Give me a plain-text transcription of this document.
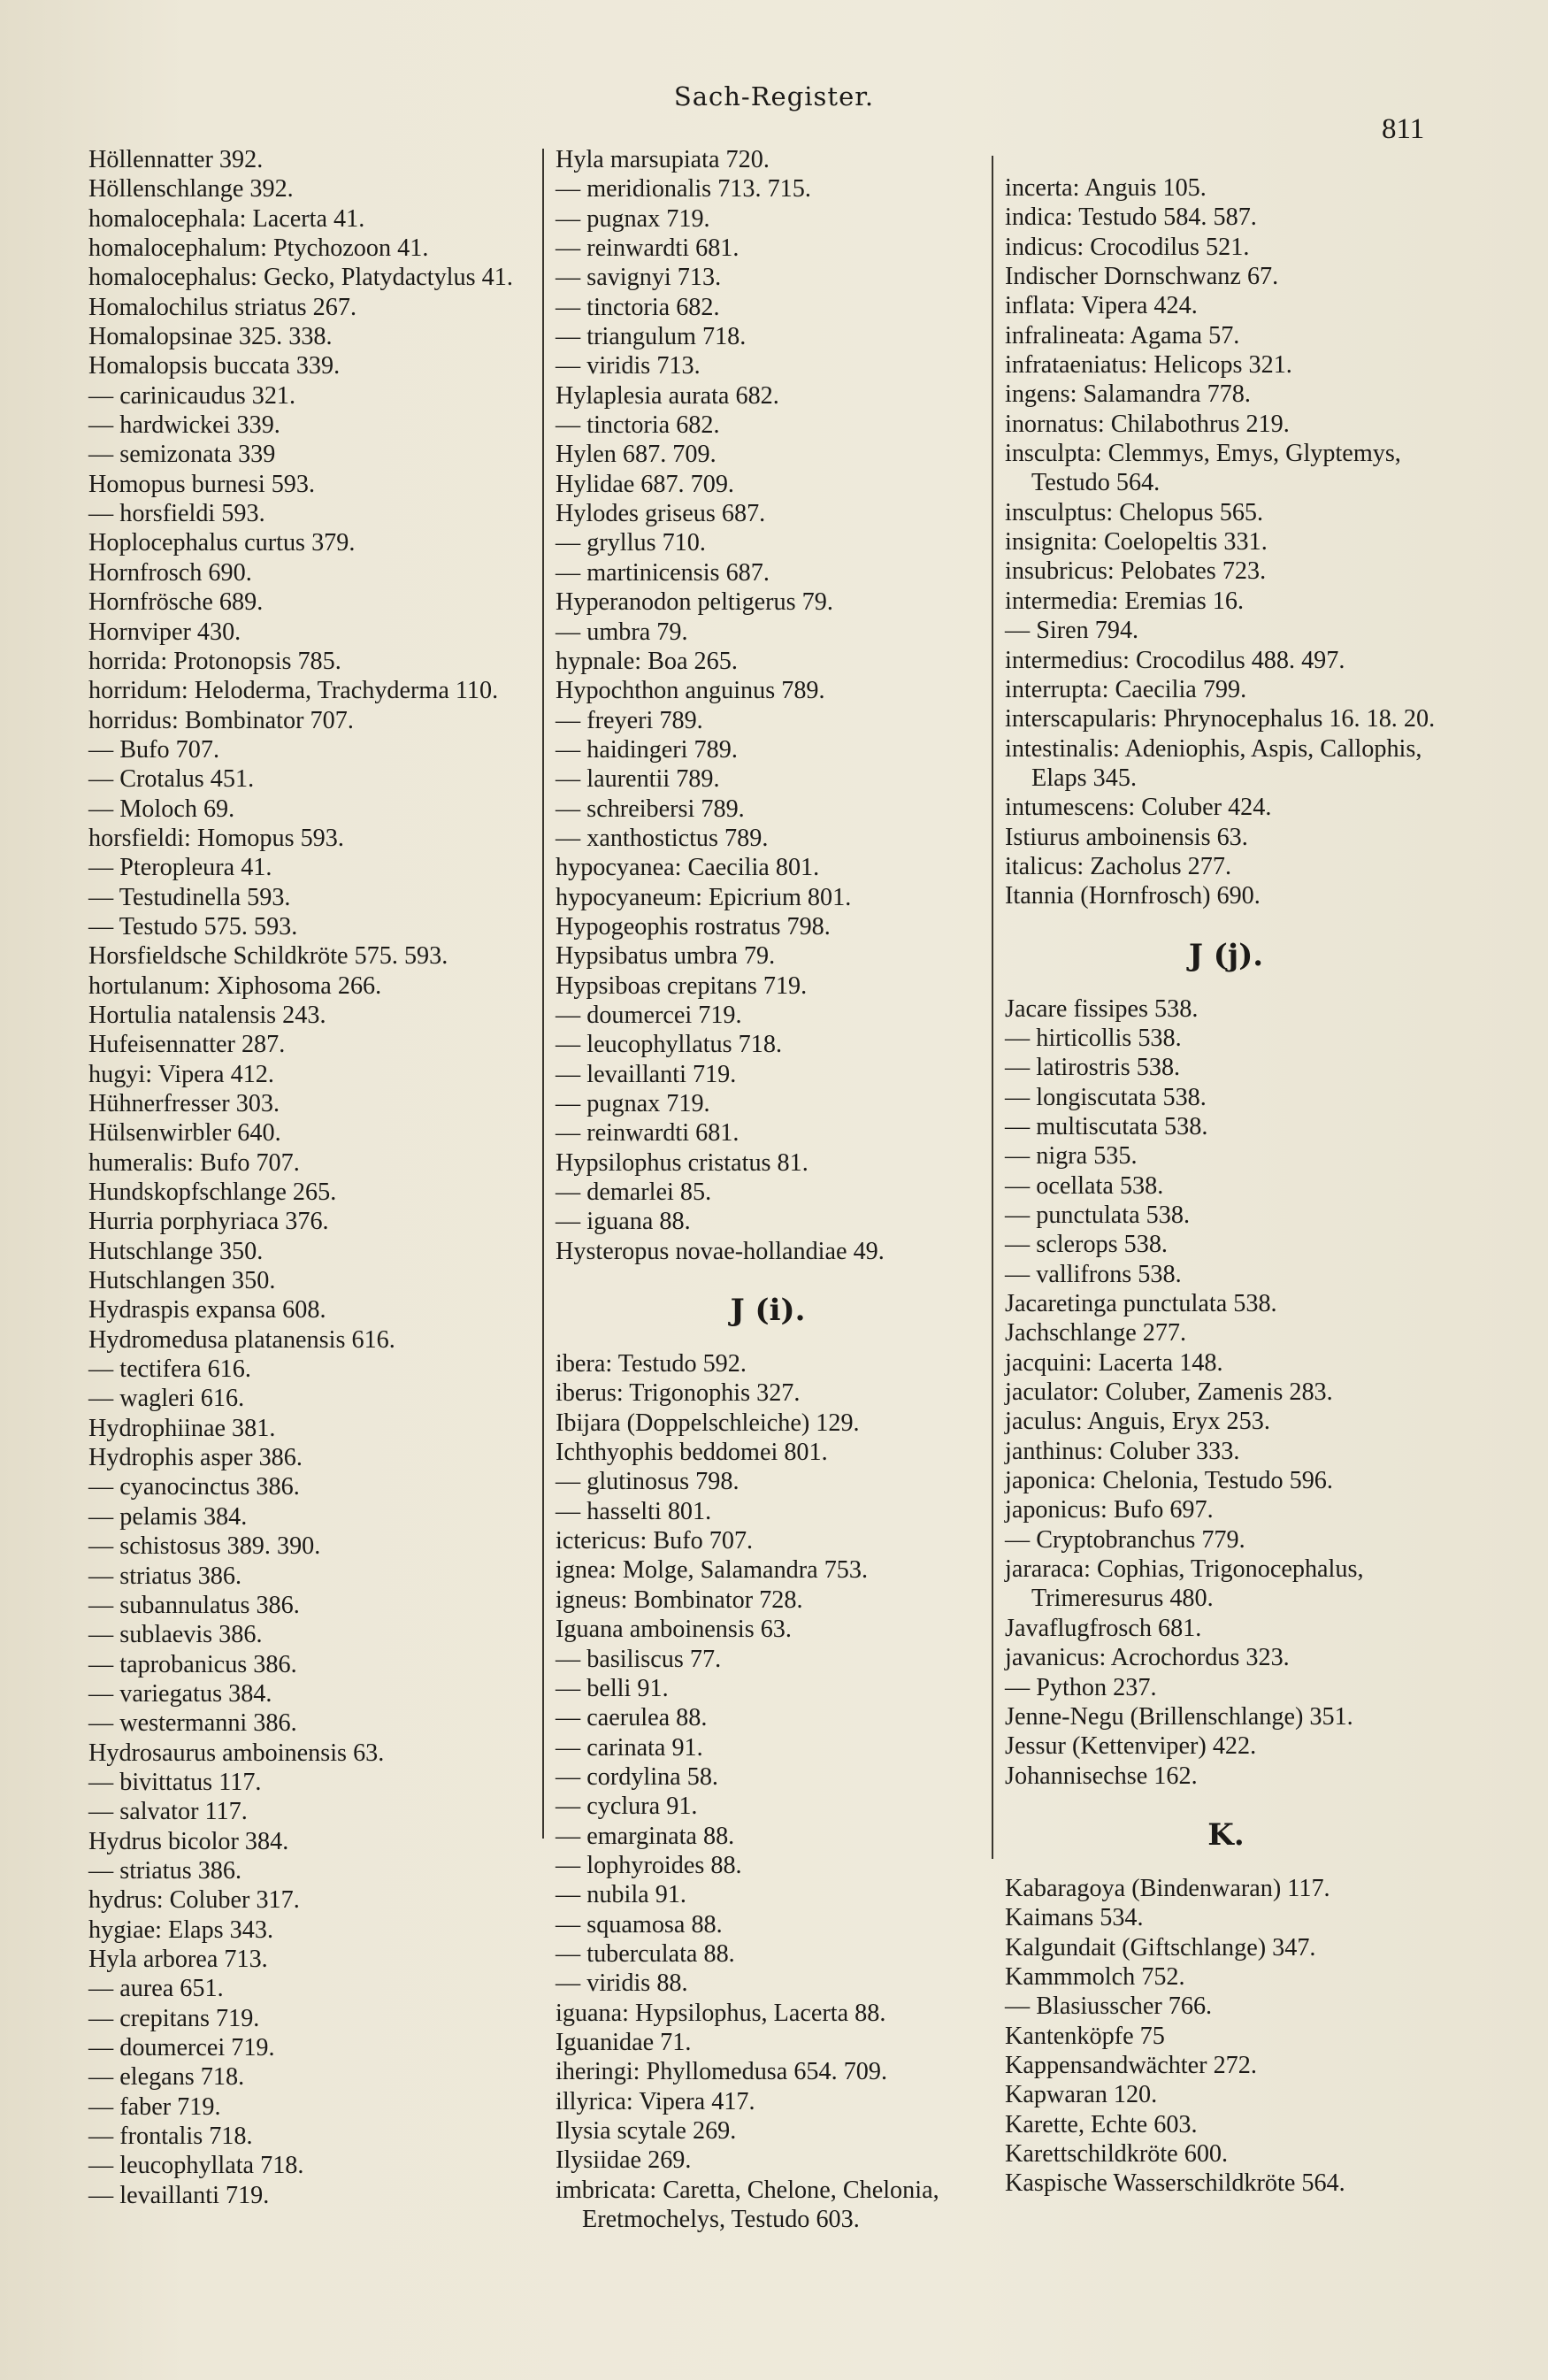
Sach-Register.
811

Höllennatter 392.

Höllenschlange 392.

homalocephala: Lacerta 41.

homalocephalum: Ptychozoon 41.

homalocephalus: Gecko, Platydactylus 41.

Homalochilus striatus 267.

Homalopsinae 325. 338.

Homalopsis buccata 339.

— carinicaudus 321.

— hardwickei 339.

— semizonata 339

Homopus burnesi 593.

— horsfieldi 593.

Hoplocephalus curtus 379.

Hornfrosch 690.

Hornfrösche 689.

Hornviper 430.

horrida: Protonopsis 785.

horridum: Heloderma, Trachyderma 110.

horridus: Bombinator 707.

— Bufo 707.

— Crotalus 451.

— Moloch 69.

horsfieldi: Homopus 593.

— Pteropleura 41.

— Testudinella 593.

— Testudo 575. 593.

Horsfieldsche Schildkröte 575. 593.

hortulanum: Xiphosoma 266.

Hortulia natalensis 243.

Hufeisennatter 287.

hugyi: Vipera 412.

Hühnerfresser 303.

Hülsenwirbler 640.

humeralis: Bufo 707.

Hundskopfschlange 265.

Hurria porphyriaca 376.

Hutschlange 350.

Hutschlangen 350.

Hydraspis expansa 608.

Hydromedusa platanensis 616.

— tectifera 616.

— wagleri 616.

Hydrophiinae 381.

Hydrophis asper 386.

— cyanocinctus 386.

— pelamis 384.

— schistosus 389. 390.

— striatus 386.

— subannulatus 386.

— sublaevis 386.

— taprobanicus 386.

— variegatus 384.

— westermanni 386.

Hydrosaurus amboinensis 63.

— bivittatus 117.

— salvator 117.

Hydrus bicolor 384.

— striatus 386.

hydrus: Coluber 317.

hygiae: Elaps 343.

Hyla arborea 713.

— aurea 651.

— crepitans 719.

— doumercei 719.

— elegans 718.

— faber 719.

— frontalis 718.

— leucophyllata 718.

— levaillanti 719.

Hyla marsupiata 720.

— meridionalis 713. 715.

— pugnax 719.

— reinwardti 681.

— savignyi 713.

— tinctoria 682.

— triangulum 718.

— viridis 713.

Hylaplesia aurata 682.

— tinctoria 682.

Hylen 687. 709.

Hylidae 687. 709.

Hylodes griseus 687.

— gryllus 710.

— martinicensis 687.

Hyperanodon peltigerus 79.

— umbra 79.

hypnale: Boa 265.

Hypochthon anguinus 789.

— freyeri 789.

— haidingeri 789.

— laurentii 789.

— schreibersi 789.

— xanthostictus 789.

hypocyanea: Caecilia 801.

hypocyaneum: Epicrium 801.

Hypogeophis rostratus 798.

Hypsibatus umbra 79.

Hypsiboas crepitans 719.

— doumercei 719.

— leucophyllatus 718.

— levaillanti 719.

— pugnax 719.

— reinwardti 681.

Hypsilophus cristatus 81.

— demarlei 85.

— iguana 88.

Hysteropus novae-hollandiae 49.

J (i).

ibera: Testudo 592.

iberus: Trigonophis 327.

Ibijara (Doppelschleiche) 129.

Ichthyophis beddomei 801.

— glutinosus 798.

— hasselti 801.

ictericus: Bufo 707.

ignea: Molge, Salamandra 753.

igneus: Bombinator 728.

Iguana amboinensis 63.

— basiliscus 77.

— belli 91.

— caerulea 88.

— carinata 91.

— cordylina 58.

— cyclura 91.

— emarginata 88.

— lophyroides 88.

— nubila 91.

— squamosa 88.

— tuberculata 88.

— viridis 88.

iguana: Hypsilophus, Lacerta 88.

Iguanidae 71.

iheringi: Phyllomedusa 654. 709.

illyrica: Vipera 417.

Ilysia scytale 269.

Ilysiidae 269.

imbricata: Caretta, Chelone, Chelonia, Eretmochelys, Testudo 603.

incerta: Anguis 105.

indica: Testudo 584. 587.

indicus: Crocodilus 521.

Indischer Dornschwanz 67.

inflata: Vipera 424.

infralineata: Agama 57.

infrataeniatus: Helicops 321.

ingens: Salamandra 778.

inornatus: Chilabothrus 219.

insculpta: Clemmys, Emys, Glyptemys, Testudo 564.

insculptus: Chelopus 565.

insignita: Coelopeltis 331.

insubricus: Pelobates 723.

intermedia: Eremias 16.

— Siren 794.

intermedius: Crocodilus 488. 497.

interrupta: Caecilia 799.

interscapularis: Phrynocephalus 16. 18. 20.

intestinalis: Adeniophis, Aspis, Callophis, Elaps 345.

intumescens: Coluber 424.

Istiurus amboinensis 63.

italicus: Zacholus 277.

Itannia (Hornfrosch) 690.

J (j).

Jacare fissipes 538.

— hirticollis 538.

— latirostris 538.

— longiscutata 538.

— multiscutata 538.

— nigra 535.

— ocellata 538.

— punctulata 538.

— sclerops 538.

— vallifrons 538.

Jacaretinga punctulata 538.

Jachschlange 277.

jacquini: Lacerta 148.

jaculator: Coluber, Zamenis 283.

jaculus: Anguis, Eryx 253.

janthinus: Coluber 333.

japonica: Chelonia, Testudo 596.

japonicus: Bufo 697.

— Cryptobranchus 779.

jararaca: Cophias, Trigonocephalus, Trimeresurus 480.

Javaflugfrosch 681.

javanicus: Acrochordus 323.

— Python 237.

Jenne-Negu (Brillenschlange) 351.

Jessur (Kettenviper) 422.

Johannisechse 162.

K.

Kabaragoya (Bindenwaran) 117.

Kaimans 534.

Kalgundait (Giftschlange) 347.

Kammmolch 752.

— Blasiusscher 766.

Kantenköpfe 75

Kappensandwächter 272.

Kapwaran 120.

Karette, Echte 603.

Karettschildkröte 600.

Kaspische Wasserschildkröte 564.
